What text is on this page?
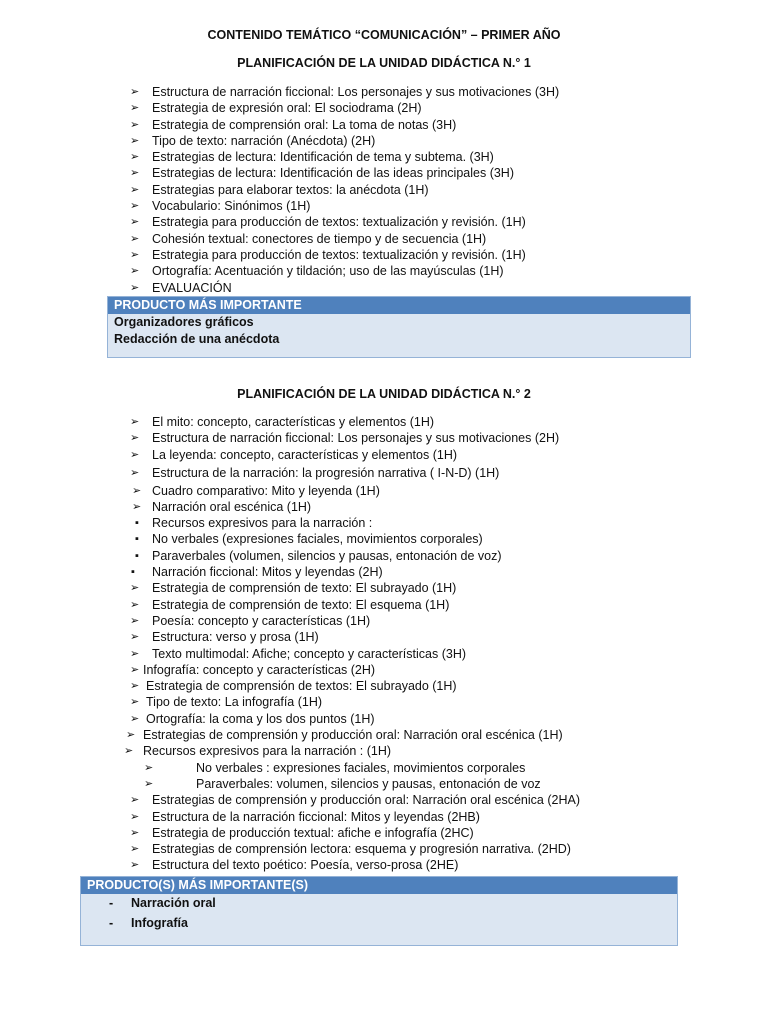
CONTENIDO TEMÁTICO “COMUNICACIÓN” – PRIMER AÑO
PLANIFICACIÓN DE LA UNIDAD DIDÁCTICA N.° 1
➢ Estructura de narración ficcional: Los personajes y sus motivaciones (3H)
➢ Estrategia de expresión oral: El sociodrama (2H)
➢ Estrategia de comprensión oral: La toma de notas (3H)
➢ Tipo de texto: narración (Anécdota) (2H)
➢ Estrategias de lectura: Identificación de tema y subtema. (3H)
➢ Estrategias de lectura: Identificación de las ideas principales (3H)
➢ Estrategias para elaborar textos: la anécdota (1H)
➢ Vocabulario: Sinónimos (1H)
➢ Estrategia para producción de textos: textualización y revisión. (1H)
➢ Cohesión textual: conectores de tiempo y de secuencia (1H)
➢ Estrategia para producción de textos: textualización y revisión. (1H)
➢ Ortografía: Acentuación y tildación; uso de las mayúsculas (1H)
➢ EVALUACIÓN
PRODUCTO MÁS IMPORTANTE
Organizadores gráficos
Redacción de una anécdota
PLANIFICACIÓN DE LA UNIDAD DIDÁCTICA N.° 2
➢ El mito: concepto, características y elementos (1H)
➢ Estructura de narración ficcional: Los personajes y sus motivaciones (2H)
➢ La leyenda: concepto, características y elementos (1H)
➢ Estructura de la narración: la progresión narrativa ( I-N-D) (1H)
➢ Cuadro comparativo: Mito y leyenda (1H)
➢ Narración oral escénica (1H)
▪ Recursos expresivos para la narración :
▪ No verbales (expresiones faciales, movimientos corporales)
▪ Paraverbales (volumen, silencios y pausas, entonación de voz)
▪ Narración ficcional: Mitos y leyendas (2H)
➢ Estrategia de comprensión de texto: El subrayado (1H)
➢ Estrategia de comprensión de texto: El esquema (1H)
➢ Poesía: concepto y características (1H)
➢ Estructura: verso y prosa (1H)
➢ Texto multimodal: Afiche; concepto y características (3H)
➢ Infografía: concepto y características (2H)
➢ Estrategia de comprensión de textos: El subrayado (1H)
➢ Tipo de texto: La infografía (1H)
➢ Ortografía: la coma y los dos puntos (1H)
➢ Estrategias de comprensión y producción oral: Narración oral escénica (1H)
➢ Recursos expresivos para la narración : (1H)
➢	No verbales : expresiones faciales, movimientos corporales
➢	Paraverbales: volumen, silencios y pausas, entonación de voz
➢ Estrategias de comprensión y producción oral: Narración oral escénica (2HA)
➢ Estructura de la narración ficcional: Mitos y leyendas (2HB)
➢ Estrategia de producción textual: afiche e infografía (2HC)
➢ Estrategias de comprensión lectora: esquema y progresión narrativa. (2HD)
➢ Estructura del texto poético: Poesía, verso-prosa (2HE)
PRODUCTO(S) MÁS IMPORTANTE(S)
- Narración oral
- Infografía
